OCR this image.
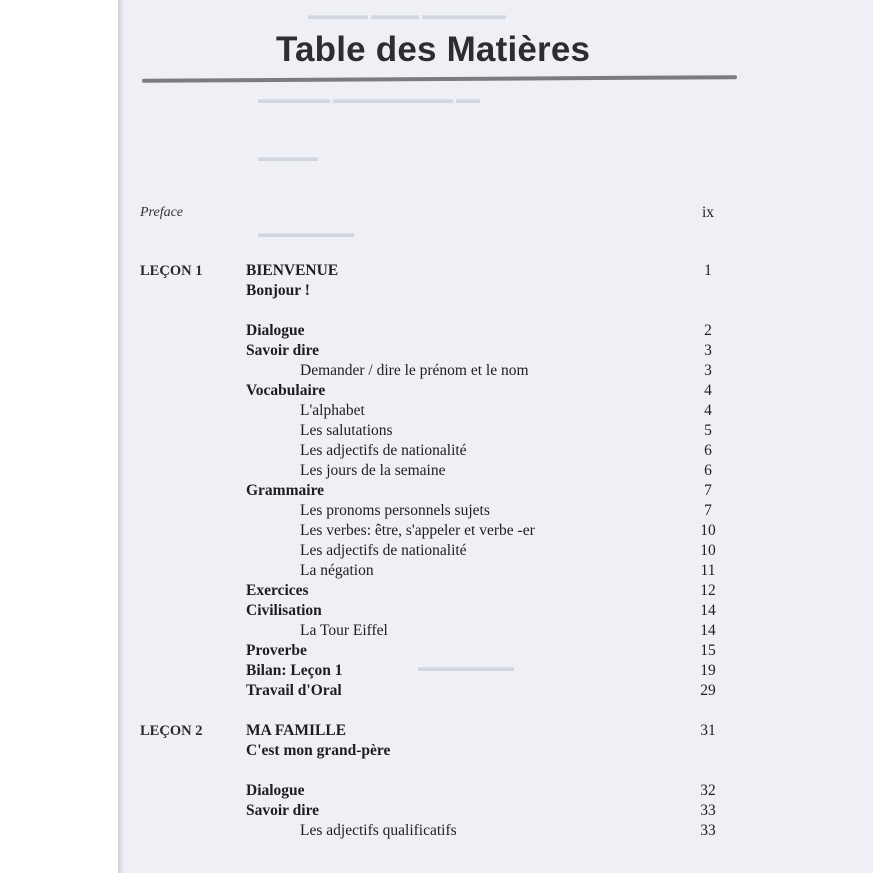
▬▬▬▬▬ ▬▬▬▬ ▬▬▬▬▬▬▬
▬▬▬▬▬▬ ▬▬▬▬▬▬▬▬▬▬ ▬▬
▬▬▬▬▬
▬▬▬▬▬▬▬▬
▬▬▬▬▬▬▬▬
Table des Matières
Preface	ix
LEÇON 1	BIENVENUE	1
Bonjour !
Dialogue	2
Savoir dire	3
Demander / dire le prénom et le nom	3
Vocabulaire	4
L'alphabet	4
Les salutations	5
Les adjectifs de nationalité	6
Les jours de la semaine	6
Grammaire	7
Les pronoms personnels sujets	7
Les verbes: être, s'appeler et verbe -er	10
Les adjectifs de nationalité	10
La négation	11
Exercices	12
Civilisation	14
La Tour Eiffel	14
Proverbe	15
Bilan: Leçon 1	19
Travail d'Oral	29
LEÇON 2	MA FAMILLE	31
C'est mon grand-père
Dialogue	32
Savoir dire	33
Les adjectifs qualificatifs	33
